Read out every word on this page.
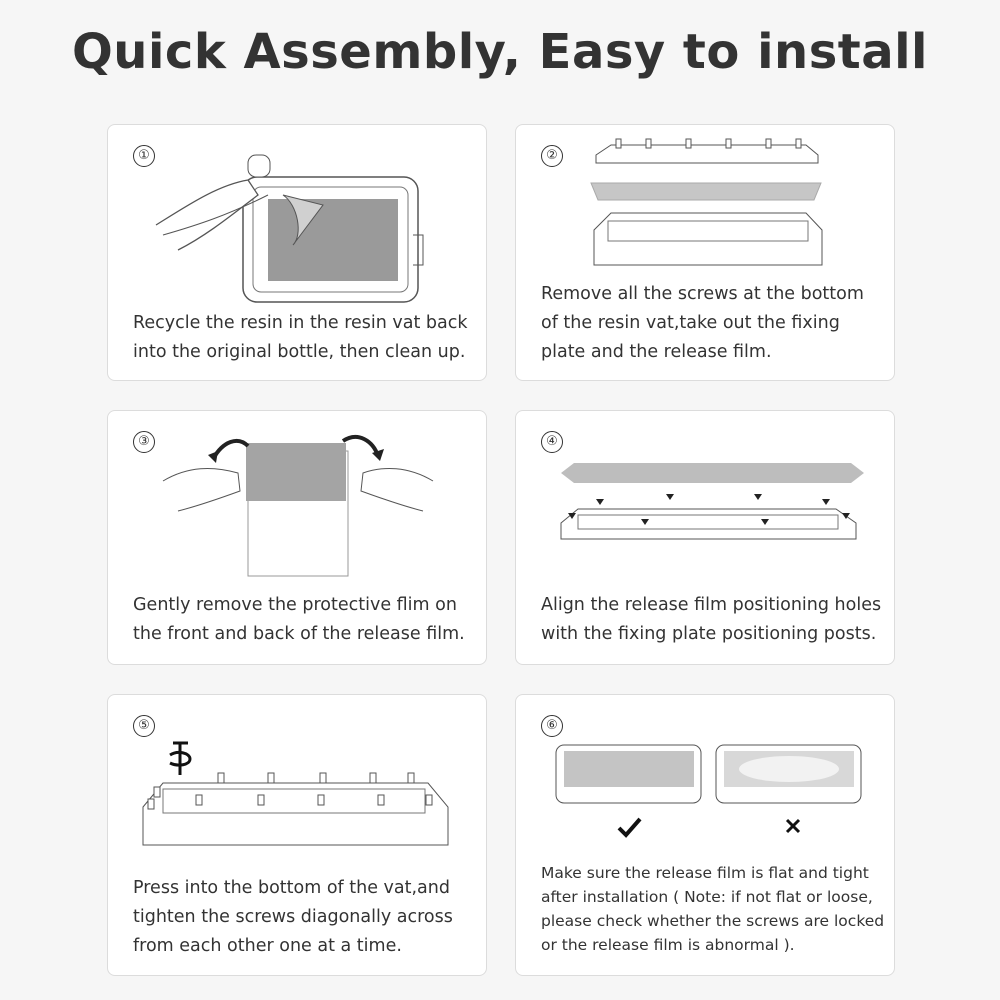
Quick Assembly, Easy to install
①
Recycle the resin in the resin vat back
into the original bottle, then clean up.
②
Remove all the screws at the bottom
of the resin vat,take out the fixing
plate and the release film.
③
Gently remove the protective flim on
the front and back of the release film.
④
Align the release film positioning holes
with the fixing plate positioning posts.
⑤
Press into the bottom of the vat,and
tighten the screws diagonally across
from each other one at a time.
⑥
Make sure the release film is flat and tight
after installation ( Note: if not flat or loose,
please check whether the screws are locked
or the release film is abnormal ).
